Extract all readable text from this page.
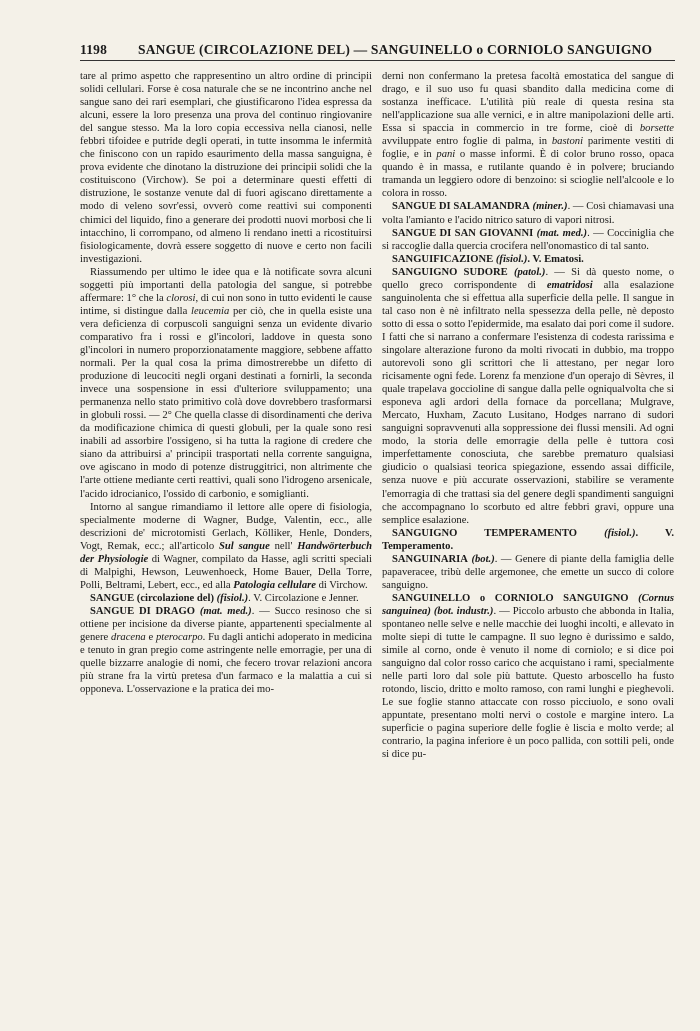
1198 SANGUE (CIRCOLAZIONE DEL) — SANGUINELLO o CORNIOLO SANGUIGNO

tare al primo aspetto che rappresentino un altro ordine di principii solidi cellulari. Forse è cosa naturale che se ne incontrino anche nel sangue sano dei rari esemplari, che giustificarono l'idea espressa da alcuni, essere la loro presenza una prova del continuo ringiovanire del sangue stesso. Ma la loro copia eccessiva nella cianosi, nelle febbri tifoidee e putride degli operati, in tutte insomma le infermità che finiscono con un rapido esaurimento della massa sanguigna, è prova evidente che dinotano la distruzione dei principii solidi che la costituiscono (Virchow). Se poi a determinare questi effetti di distruzione, le sostanze venute dal di fuori agiscano direttamente a modo di veleno sovr'essi, ovverò come reattivi sui componenti chimici del liquido, fino a generare dei prodotti nuovi morbosi che li intacchino, li corrompano, od almeno li rendano inetti a ricostituirsi fisiologicamente, dovrà essere soggetto di nuove e certo non facili investigazioni.

Riassumendo per ultimo le idee qua e là notificate sovra alcuni soggetti più importanti della patologia del sangue, si potrebbe affermare: 1° che la clorosi, di cui non sono in tutto evidenti le cause intime, si distingue dalla leucemia per ciò, che in quella esiste una vera deficienza di corpuscoli sanguigni senza un evidente divario comparativo fra i rossi e gl'incolori, laddove in questa sono gl'incolori in numero proporzionatamente maggiore, sebbene affatto normali. Per la qual cosa la prima dimostrerebbe un difetto di produzione di leucociti negli organi destinati a fornirli, la seconda invece una sospensione in essi d'ulteriore sviluppamento; una permanenza nello stato primitivo colà dove dovrebbero trasformarsi in globuli rossi. — 2° Che quella classe di disordinamenti che deriva da modificazione chimica di questi globuli, per la quale sono resi inabili ad assorbire l'ossigeno, si ha tutta la ragione di credere che siano da attribuirsi a' principii trasportati nella corrente sanguigna, ove agiscano in modo di potenze distruggitrici, non altrimente che l'arte ottiene mediante certi reattivi, quali sono l'idrogeno arsenicale, l'acido idrocianico, l'ossido di carbonio, e somiglianti.

Intorno al sangue rimandiamo il lettore alle opere di fisiologia, specialmente moderne di Wagner, Budge, Valentin, ecc., alle descrizioni de' microtomisti Gerlach, Kölliker, Henle, Donders, Vogt, Remak, ecc.; all'articolo Sul sangue nell' Handwörterbuch der Physiologie di Wagner, compilato da Hasse, agli scritti speciali di Malpighi, Hewson, Leuwenhoeck, Home Bauer, Della Torre, Polli, Beltrami, Lebert, ecc., ed alla Patologia cellulare di Virchow.

SANGUE (circolazione del) (fisiol.). V. Circolazione e Jenner.

SANGUE DI DRAGO (mat. med.). — Succo resinoso che si ottiene per incisione da diverse piante, appartenenti specialmente al genere dracena e pterocarpo. Fu dagli antichi adoperato in medicina e tenuto in gran pregio come astringente nelle emorragie, per una di quelle bizzarre analogie di nomi, che fecero trovar relazioni ancora più strane fra la virtù pretesa d'un farmaco e la malattia a cui si opponeva. L'osservazione e la pratica dei mo-

derni non confermano la pretesa facoltà emostatica del sangue di drago, e il suo uso fu quasi sbandito dalla medicina come di sostanza inefficace. L'utilità più reale di questa resina sta nell'applicazione sua alle vernici, e in altre manipolazioni delle arti. Essa si spaccia in commercio in tre forme, cioè di borsette avviluppate entro foglie di palma, in bastoni parimente vestiti di foglie, e in pani o masse informi. È di color bruno rosso, opaca quando è in massa, e rutilante quando è in polvere; bruciando tramanda un leggiero odore di benzoino: si scioglie nell'alcoole e lo colora in rosso.

SANGUE DI SALAMANDRA (miner.). — Così chiamavasi una volta l'amianto e l'acido nitrico saturo di vapori nitrosi.

SANGUE DI SAN GIOVANNI (mat. med.). — Cocciniglia che si raccoglie dalla quercia crocifera nell'onomastico di tal santo.

SANGUIFICAZIONE (fisiol.). V. Ematosi.

SANGUIGNO SUDORE (patol.). — Si dà questo nome, o quello greco corrispondente di ematridosi alla esalazione sanguinolenta che si effettua alla superficie della pelle. Il sangue in tal caso non è nè infiltrato nella spessezza della pelle, nè deposto sotto di essa o sotto l'epidermide, ma esalato dai pori come il sudore. I fatti che si narrano a confermare l'esistenza di codesta rarissima e singolare alterazione furono da molti rivocati in dubbio, ma troppo autorevoli sono gli scrittori che li attestano, per negar loro ricisamente ogni fede. Lorenz fa menzione d'un operajo di Sèvres, il quale trapelava goccioline di sangue dalla pelle ogniqualvolta che si esponeva agli ardori della fornace da porcellana; Mulgrave, Mercato, Huxham, Zacuto Lusitano, Hodges narrano di sudori sanguigni sopravvenuti alla soppressione dei flussi mensili. Ad ogni modo, la storia delle emorragie della pelle è tuttora così imperfettamente conosciuta, che sarebbe prematuro qualsiasi giudicio o qualsiasi teorica spiegazione, essendo assai difficile, senza nuove e più accurate osservazioni, stabilire se veramente l'emorragia di che trattasi sia del genere degli spandimenti sanguigni che accompagnano lo scorbuto ed altre febbri gravi, oppure una semplice esalazione.

SANGUIGNO TEMPERAMENTO	(fisiol.). V. Temperamento.

SANGUINARIA (bot.). — Genere di piante della famiglia delle papaveracee, tribù delle argemonee, che emette un succo di colore sanguigno.

SANGUINELLO o CORNIOLO SANGUIGNO (Cornus sanguinea) (bot. industr.). — Piccolo arbusto che abbonda in Italia, spontaneo nelle selve e nelle macchie dei luoghi incolti, e allevato in molte siepi di tutte le campagne. Il suo legno è durissimo e saldo, simile al corno, onde è venuto il nome di corniolo; e si dice poi sanguigno dal color rosso carico che acquistano i rami, specialmente nelle parti loro dal sole più battute. Questo arboscello ha fusto rotondo, liscio, dritto e molto ramoso, con rami lunghi e pieghevoli. Le sue foglie stanno attaccate con rosso picciuolo, e sono ovali appuntate, presentano molti nervi o costole e margine intero. La superficie o pagina superiore delle foglie è liscia e molto verde; al contrario, la pagina inferiore è un poco pallida, con sottili peli, onde si dice pu-
